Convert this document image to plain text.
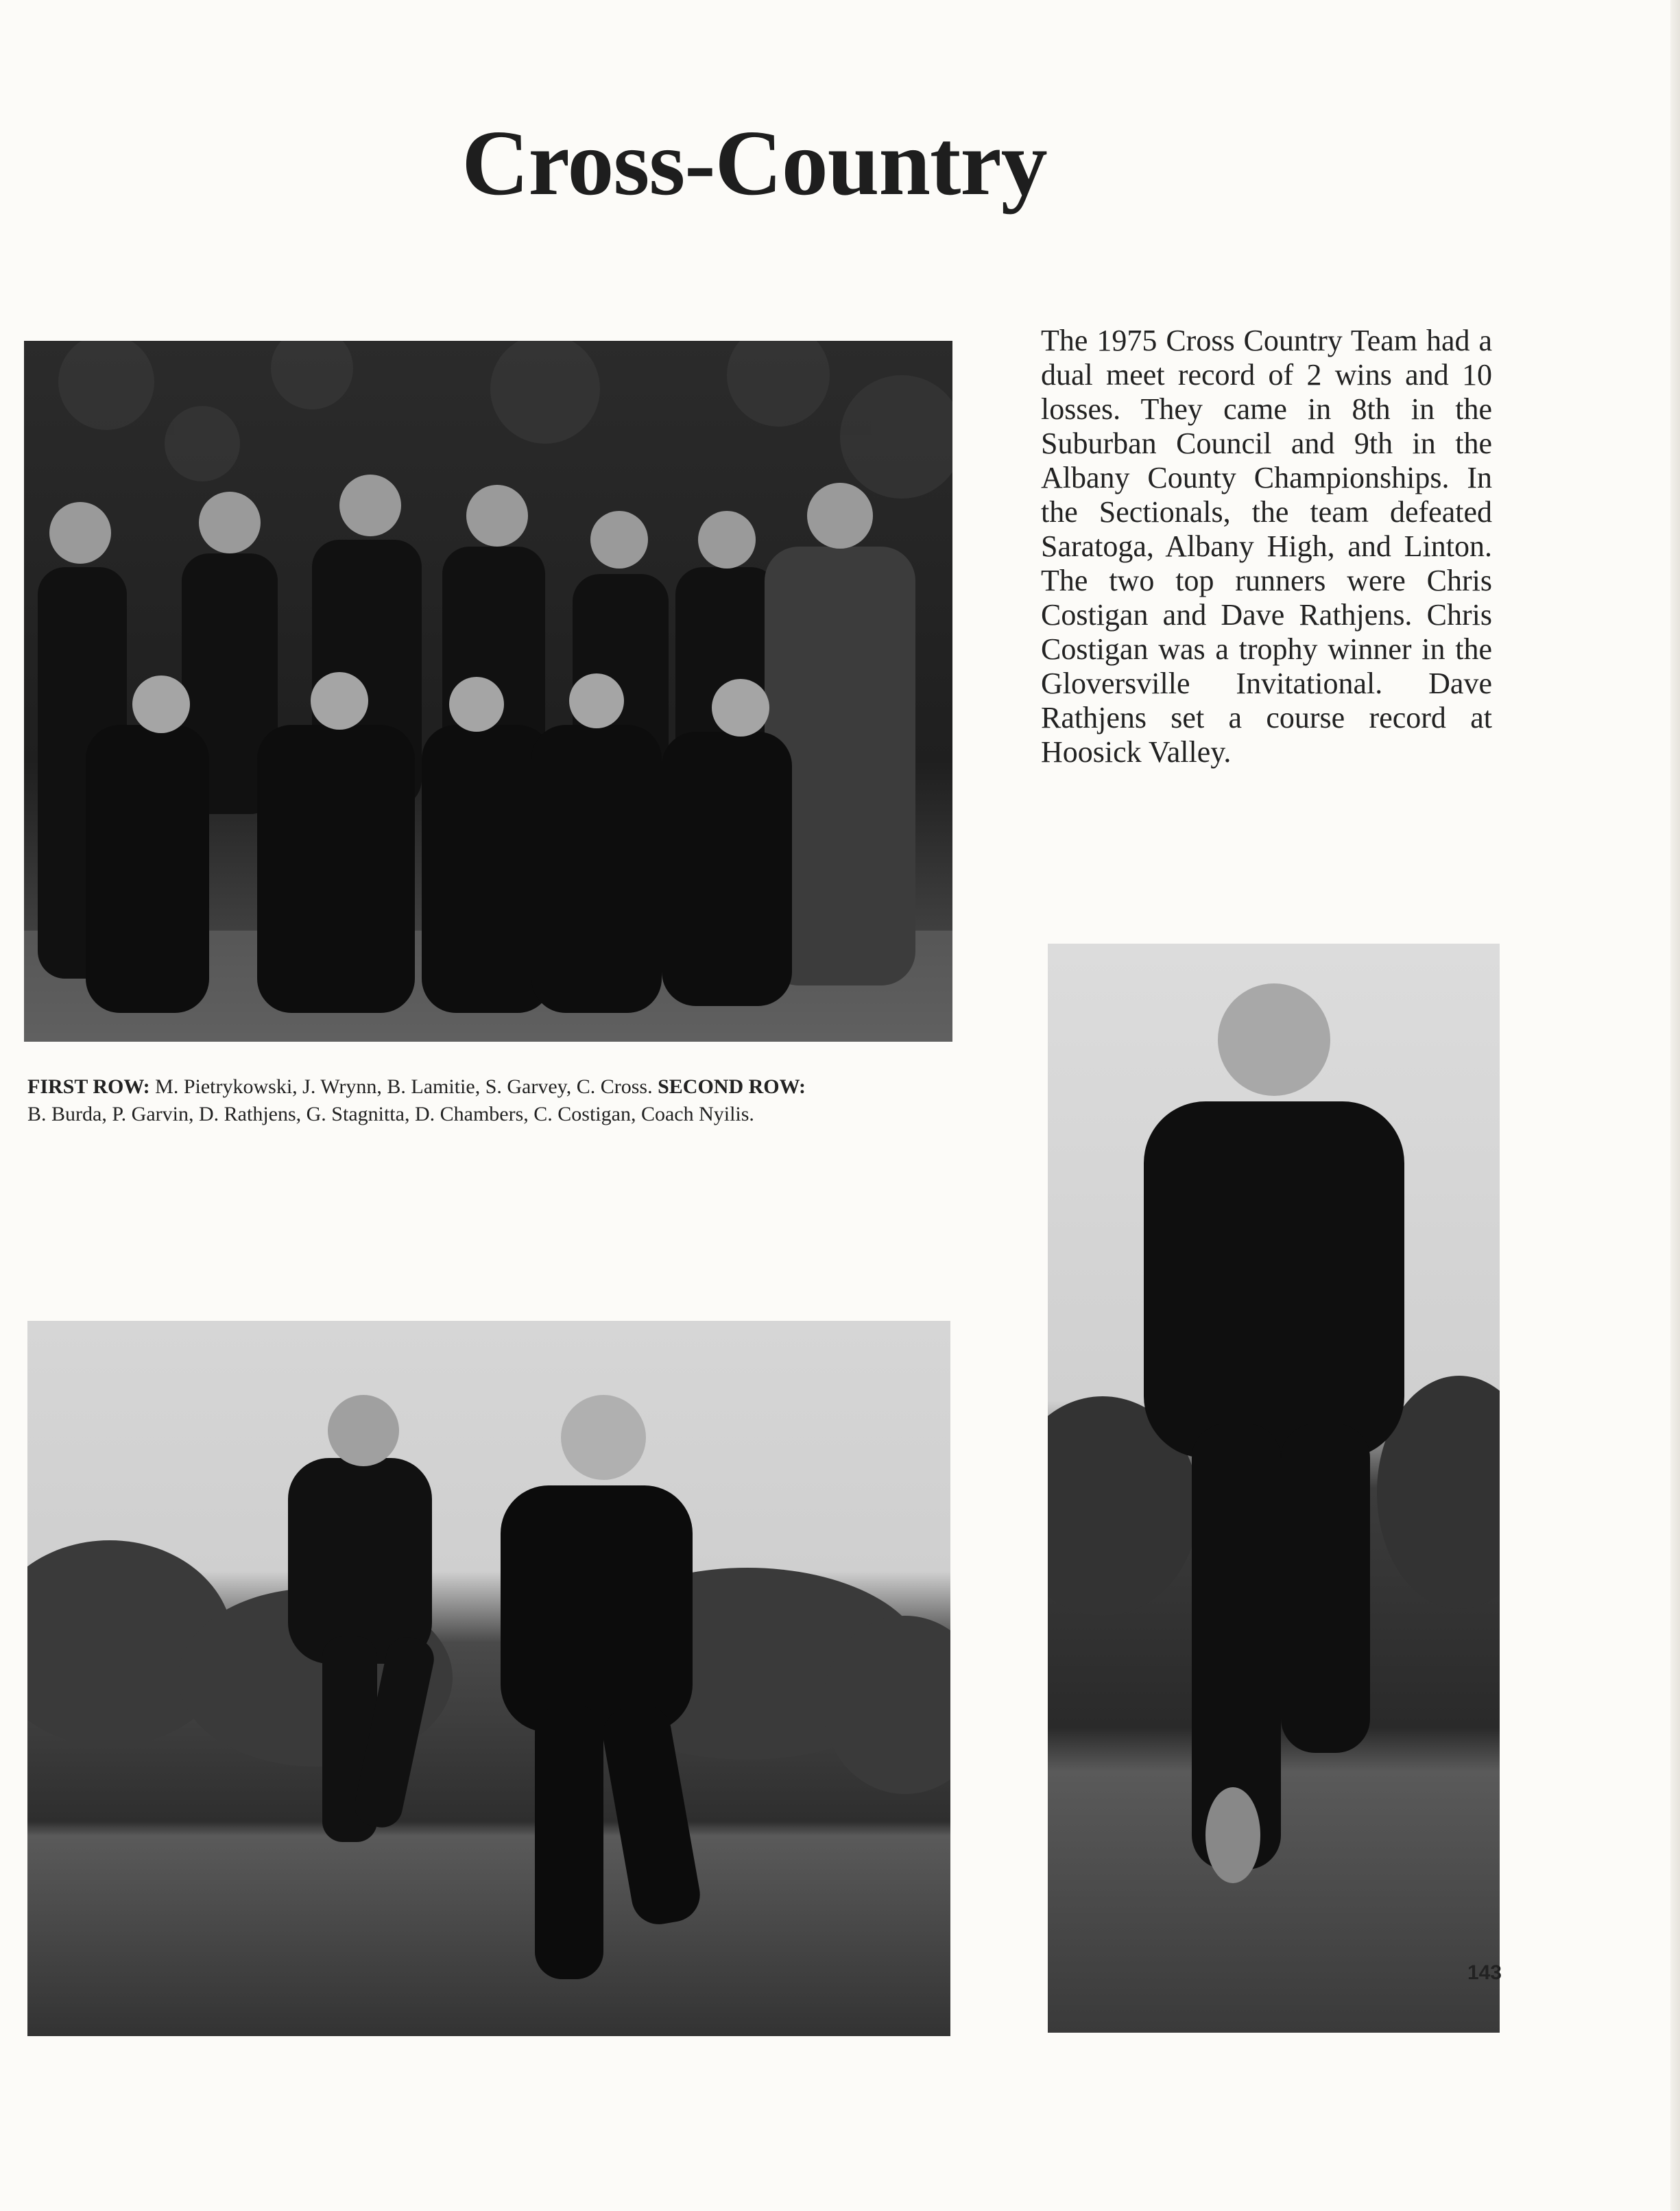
Cross-Country

The 1975 Cross Country Team had a dual meet record of 2 wins and 10 losses. They came in 8th in the Suburban Council and 9th in the Albany County Championships. In the Sectionals, the team defeated Saratoga, Albany High, and Linton. The two top runners were Chris Costigan and Dave Rathjens. Chris Costigan was a trophy winner in the Gloversville Invitational. Dave Rathjens set a course record at Hoosick Valley.

FIRST ROW: M. Pietrykowski, J. Wrynn, B. Lamitie, S. Garvey, C. Cross. SECOND ROW:
B. Burda, P. Garvin, D. Rathjens, G. Stagnitta, D. Chambers, C. Costigan, Coach Nyilis.

143
